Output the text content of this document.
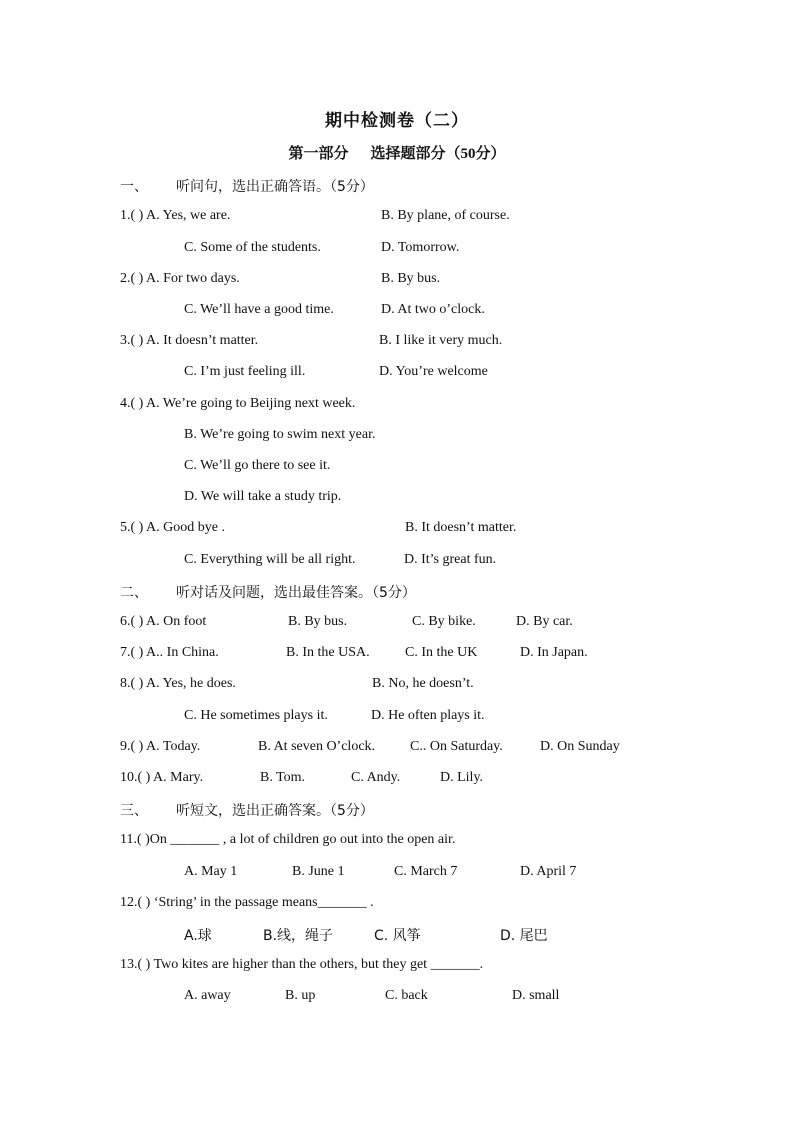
期中检测卷（二）
第一部分 选择题部分（50分）
一、 听问句，选出正确答语。（5分）
1.( ) A. Yes, we are.	B. By plane, of course.
C. Some of the students.	D. Tomorrow.
2.( ) A. For two days.	B. By bus.
C. We’ll have a good time.	D. At two o’clock.
3.( ) A. It doesn’t matter.	B. I like it very much.
C. I’m just feeling ill.	D. You’re welcome
4.( ) A. We’re going to Beijing next week.
B. We’re going to swim next year.
C. We’ll go there to see it.
D. We will take a study trip.
5.( ) A. Good bye .	B. It doesn’t matter.
C. Everything will be all right.	D. It’s great fun.
二、 听对话及问题，选出最佳答案。（5分）
6.( ) A. On foot	B. By bus.	C. By bike.	D. By car.
7.( ) A.. In China.	B. In the USA.	C. In the UK	D. In Japan.
8.( ) A. Yes, he does.	B. No, he doesn’t.
C. He sometimes plays it.	D. He often plays it.
9.( ) A. Today.	B. At seven O’clock. C.. On Saturday.	D. On Sunday
10.( ) A. Mary.	B. Tom.	C. Andy.	D. Lily.
三、 听短文，选出正确答案。（5分）
11.( )On _______ , a lot of children go out into the open air.
A. May 1	B. June 1	C. March 7	D. April 7
12.( ) ‘String’ in the passage means_______ .
A.球	B.线，绳子	C. 风筝	D. 尾巴
13.( ) Two kites are higher than the others, but they get _______.
A. away	B. up	C. back	D. small
